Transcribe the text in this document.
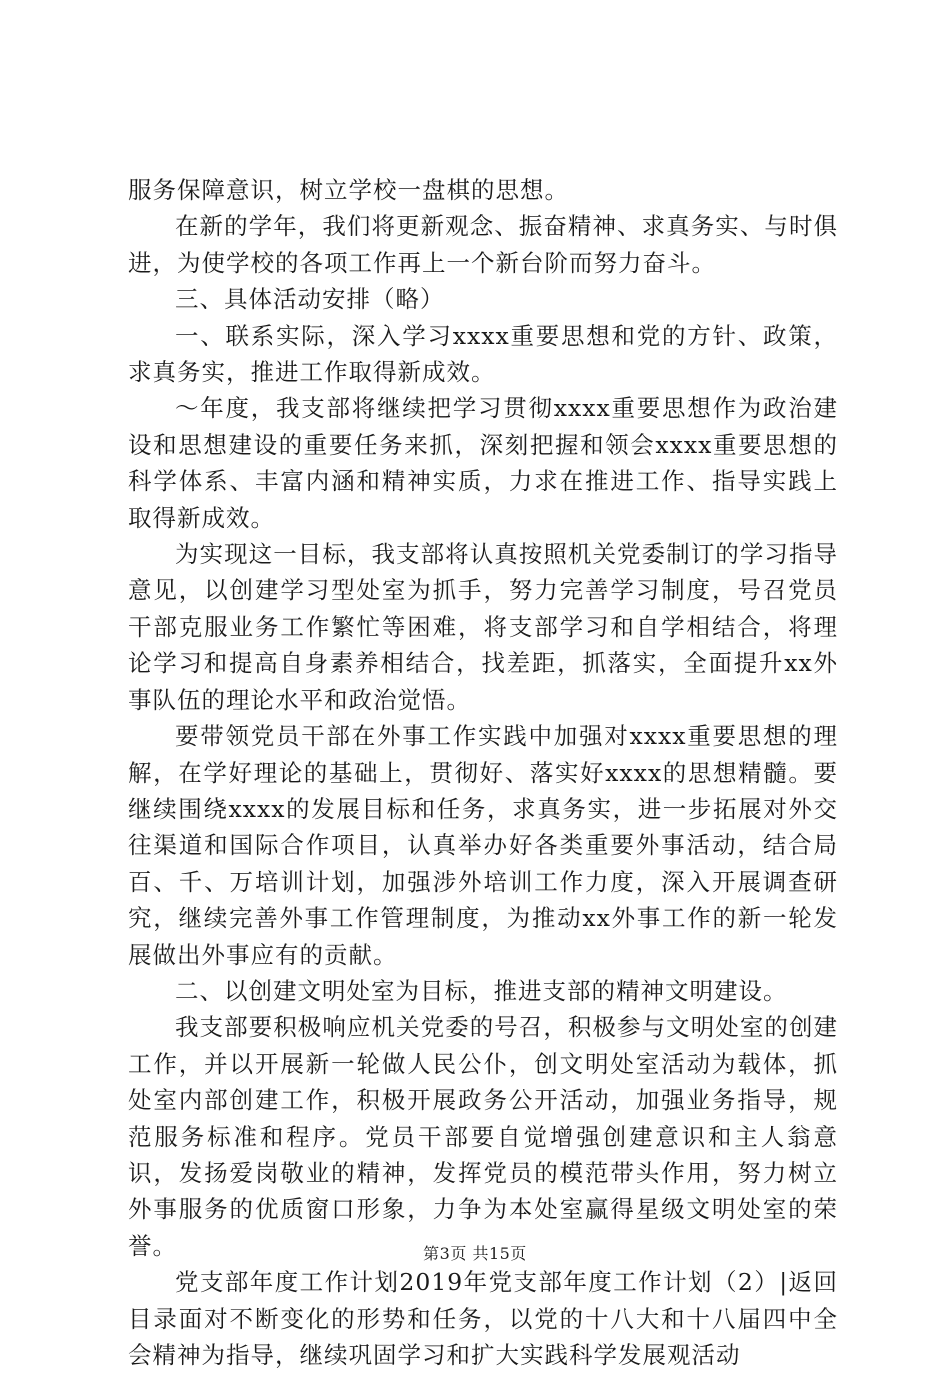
服务保障意识，树立学校一盘棋的思想。

在新的学年，我们将更新观念、振奋精神、求真务实、与时俱进，为使学校的各项工作再上一个新台阶而努力奋斗。

三、具体活动安排（略）

一、联系实际，深入学习xxxx重要思想和党的方针、政策，求真务实，推进工作取得新成效。

～年度，我支部将继续把学习贯彻xxxx重要思想作为政治建设和思想建设的重要任务来抓，深刻把握和领会xxxx重要思想的科学体系、丰富内涵和精神实质，力求在推进工作、指导实践上取得新成效。

为实现这一目标，我支部将认真按照机关党委制订的学习指导意见，以创建学习型处室为抓手，努力完善学习制度，号召党员干部克服业务工作繁忙等困难，将支部学习和自学相结合，将理论学习和提高自身素养相结合，找差距，抓落实，全面提升xx外事队伍的理论水平和政治觉悟。

要带领党员干部在外事工作实践中加强对xxxx重要思想的理解，在学好理论的基础上，贯彻好、落实好xxxx的思想精髓。要继续围绕xxxx的发展目标和任务，求真务实，进一步拓展对外交往渠道和国际合作项目，认真举办好各类重要外事活动，结合局百、千、万培训计划，加强涉外培训工作力度，深入开展调查研究，继续完善外事工作管理制度，为推动xx外事工作的新一轮发展做出外事应有的贡献。

二、以创建文明处室为目标，推进支部的精神文明建设。

我支部要积极响应机关党委的号召，积极参与文明处室的创建工作，并以开展新一轮做人民公仆，创文明处室活动为载体，抓处室内部创建工作，积极开展政务公开活动，加强业务指导，规范服务标准和程序。党员干部要自觉增强创建意识和主人翁意识，发扬爱岗敬业的精神，发挥党员的模范带头作用，努力树立外事服务的优质窗口形象，力争为本处室赢得星级文明处室的荣誉。

党支部年度工作计划2019年党支部年度工作计划（2）|返回目录面对不断变化的形势和任务，以党的十八大和十八届四中全会精神为指导，继续巩固学习和扩大实践科学发展观活动

第3页 共15页
